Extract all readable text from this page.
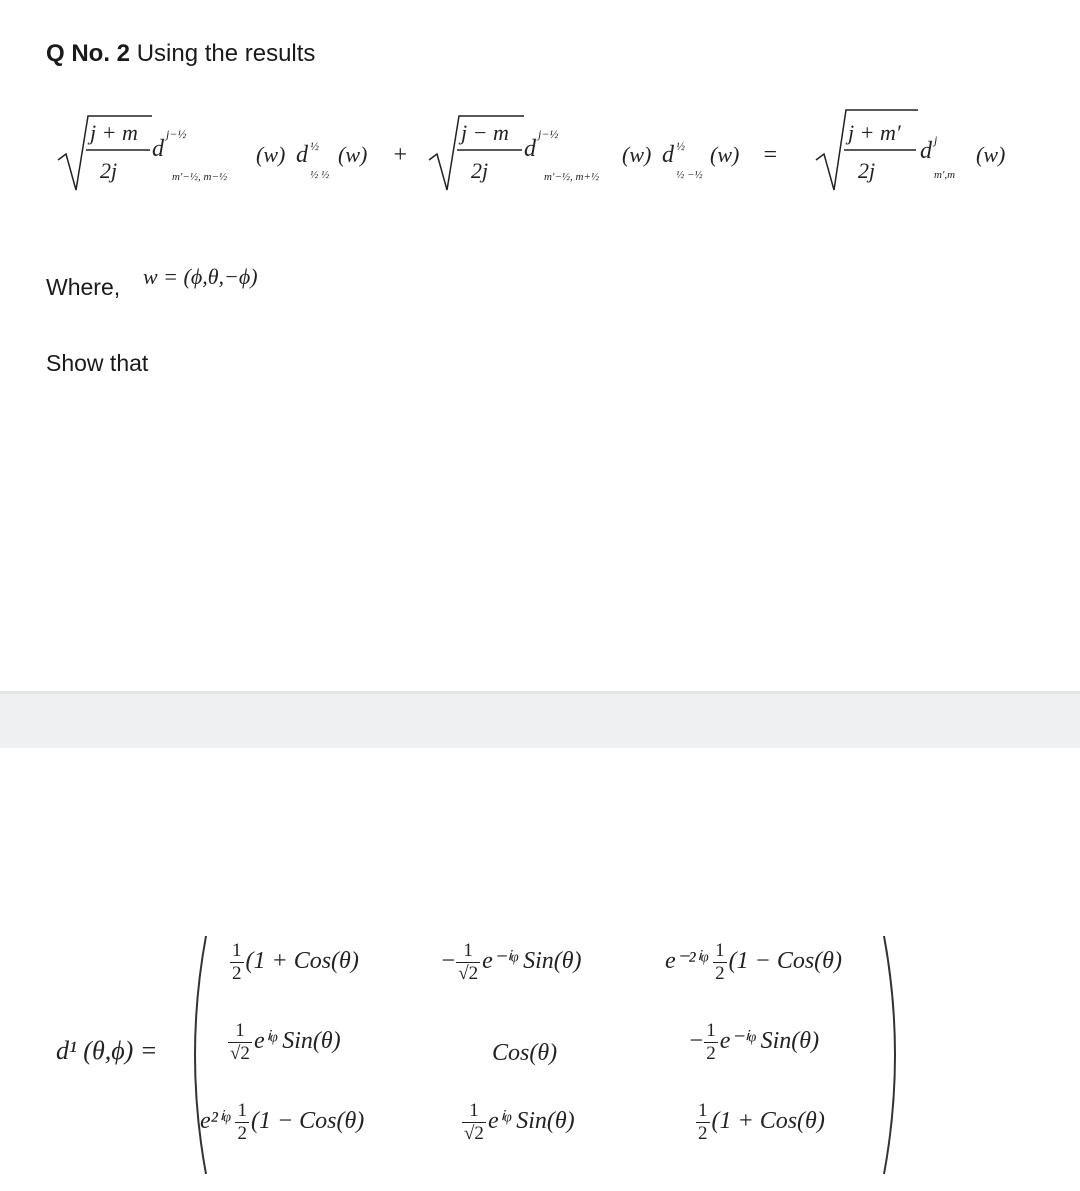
Q No. 2 Using the results
j + m
2j
d
j−½
m′−½, m−½
(w) d ½
½ ½
(w) +
j − m
2j
d
j−½
m′−½, m+½
(w) d ½
½ −½
(w) =
j + m′
2j
d j
m′,m
(w)
Where, w = (ϕ,θ,−ϕ)
Show that
d¹ (θ,ϕ) =
$\frac{1}{2} (1 + Cos(\theta)$	− $\frac{1}{√2}$ e⁻ⁱᵠ Sin(θ)	e⁻²ⁱᵠ $\frac{1}{2} (1 - Cos(\theta)$
$\frac{1}{√2}$ eⁱᵠ Sin(θ)	Cos(θ)	− $\frac{1}{2}$ e⁻ⁱᵠ Sin(θ)
e²ⁱᵠ $\frac{1}{2} (1 - Cos(\theta)$	$\frac{1}{√2}$ eⁱᵠ Sin(θ)	$\frac{1}{2} (1 + Cos(\theta)$
